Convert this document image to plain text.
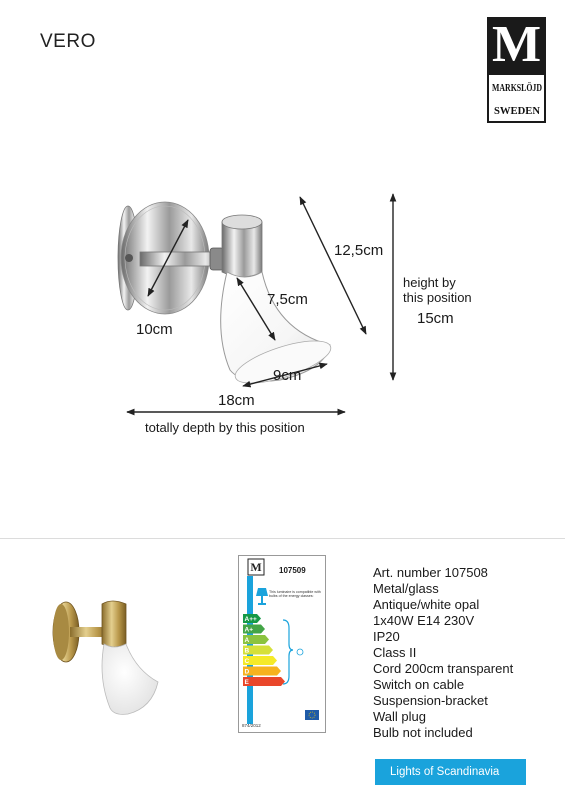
VERO	M
MARKSLÖJD
SWEDEN
10cm
7,5cm
9cm
12,5cm
height by
this position
15cm
18cm
totally depth by this position
M 107509
This luminaire is compatible with bulbs of the energy classes:
A++
A+
A
B
C
D
E
874/2012
Art. number 107508
Metal/glass
Antique/white opal
1x40W E14 230V
IP20
Class II
Cord 200cm transparent
Switch on cable
Suspension-bracket
Wall plug
Bulb not included
Lights of Scandinavia
